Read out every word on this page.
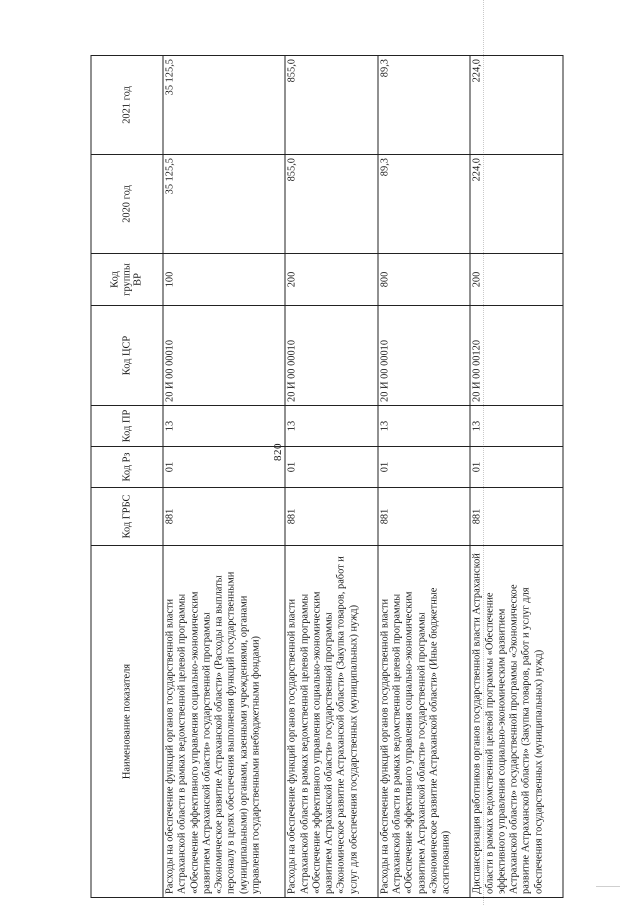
820
Наименование показателя	Код ГРБС	Код Рз	Код ПР	Код ЦСР	Код группы ВР	2020 год	2021 год
Расходы на обеспечение функций органов государственной власти Астраханской области в рамках ведомственной целевой программы «Обеспечение эффективного управления социально-экономическим развитием Астраханской области» государственной программы «Экономическое развитие Астраханской области» (Расходы на выплаты персоналу в целях обеспечения выполнения функций государственными (муниципальными) органами, казенными учреждениями, органами управления государственными внебюджетными фондами)	881	01	13	20 И 00 00010	100	35 125,5	35 125,5
Расходы на обеспечение функций органов государственной власти Астраханской области в рамках ведомственной целевой программы «Обеспечение эффективного управления социально-экономическим развитием Астраханской области» государственной программы «Экономическое развитие Астраханской области» (Закупка товаров, работ и услуг для обеспечения государственных (муниципальных) нужд)	881	01	13	20 И 00 00010	200	855,0	855,0
Расходы на обеспечение функций органов государственной власти Астраханской области в рамках ведомственной целевой программы «Обеспечение эффективного управления социально-экономическим развитием Астраханской области» государственной программы «Экономическое развитие Астраханской области» (Иные бюджетные ассигнования)	881	01	13	20 И 00 00010	800	89,3	89,3
Диспансеризация работников органов государственной власти Астраханской области в рамках ведомственной целевой программы «Обеспечение эффективного управления социально-экономическим развитием Астраханской области» государственной программы «Экономическое развитие Астраханской области» (Закупка товаров, работ и услуг для обеспечения государственных (муниципальных) нужд)	881	01	13	20 И 00 00120	200	224,0	224,0
